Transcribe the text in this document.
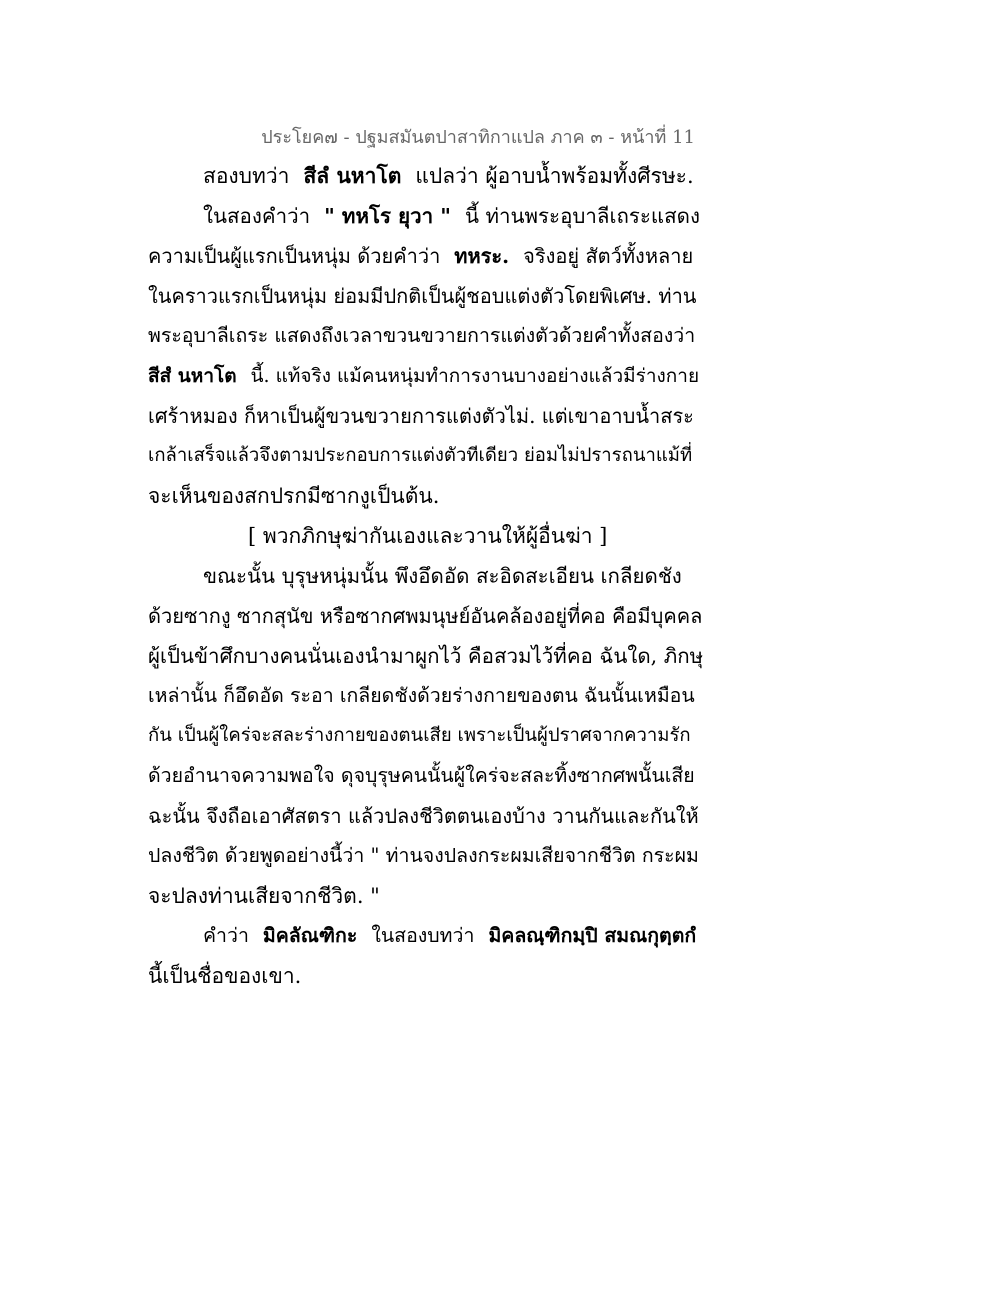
ประโยค๗ - ปฐมสมันตปาสาทิกาแปล ภาค ๓ - หน้าที่ 11
สองบทว่า สีลํ นหาโต แปลว่า ผู้อาบน้ำพร้อมทั้งศีรษะ.
ในสองคำว่า " ทหโร ยุวา " นี้ ท่านพระอุบาลีเถระแสดง
ความเป็นผู้แรกเป็นหนุ่ม ด้วยคำว่า ทหระ. จริงอยู่ สัตว์ทั้งหลาย
ในคราวแรกเป็นหนุ่ม ย่อมมีปกติเป็นผู้ชอบแต่งตัวโดยพิเศษ. ท่าน
พระอุบาลีเถระ แสดงถึงเวลาขวนขวายการแต่งตัวด้วยคำทั้งสองว่า
สีสํ นหาโต นี้. แท้จริง แม้คนหนุ่มทำการงานบางอย่างแล้วมีร่างกาย
เศร้าหมอง ก็หาเป็นผู้ขวนขวายการแต่งตัวไม่. แต่เขาอาบน้ำสระ
เกล้าเสร็จแล้วจึงตามประกอบการแต่งตัวทีเดียว ย่อมไม่ปรารถนาแม้ที่
จะเห็นของสกปรกมีซากงูเป็นต้น.
[ พวกภิกษุฆ่ากันเองและวานให้ผู้อื่นฆ่า ]
ขณะนั้น บุรุษหนุ่มนั้น พึงอึดอัด สะอิดสะเอียน เกลียดชัง
ด้วยซากงู ซากสุนัข หรือซากศพมนุษย์อันคล้องอยู่ที่คอ คือมีบุคคล
ผู้เป็นข้าศึกบางคนนั่นเองนำมาผูกไว้ คือสวมไว้ที่คอ ฉันใด, ภิกษุ
เหล่านั้น ก็อึดอัด ระอา เกลียดชังด้วยร่างกายของตน ฉันนั้นเหมือน
กัน เป็นผู้ใคร่จะสละร่างกายของตนเสีย เพราะเป็นผู้ปราศจากความรัก
ด้วยอำนาจความพอใจ ดุจบุรุษคนนั้นผู้ใคร่จะสละทิ้งซากศพนั้นเสีย
ฉะนั้น จึงถือเอาศัสตรา แล้วปลงชีวิตตนเองบ้าง วานกันและกันให้
ปลงชีวิต ด้วยพูดอย่างนี้ว่า " ท่านจงปลงกระผมเสียจากชีวิต กระผม
จะปลงท่านเสียจากชีวิต. "
คำว่า มิคลัณฑิกะ ในสองบทว่า มิคลณฺฑิกมฺปิ สมณกุตฺตกํ
นี้เป็นชื่อของเขา.
